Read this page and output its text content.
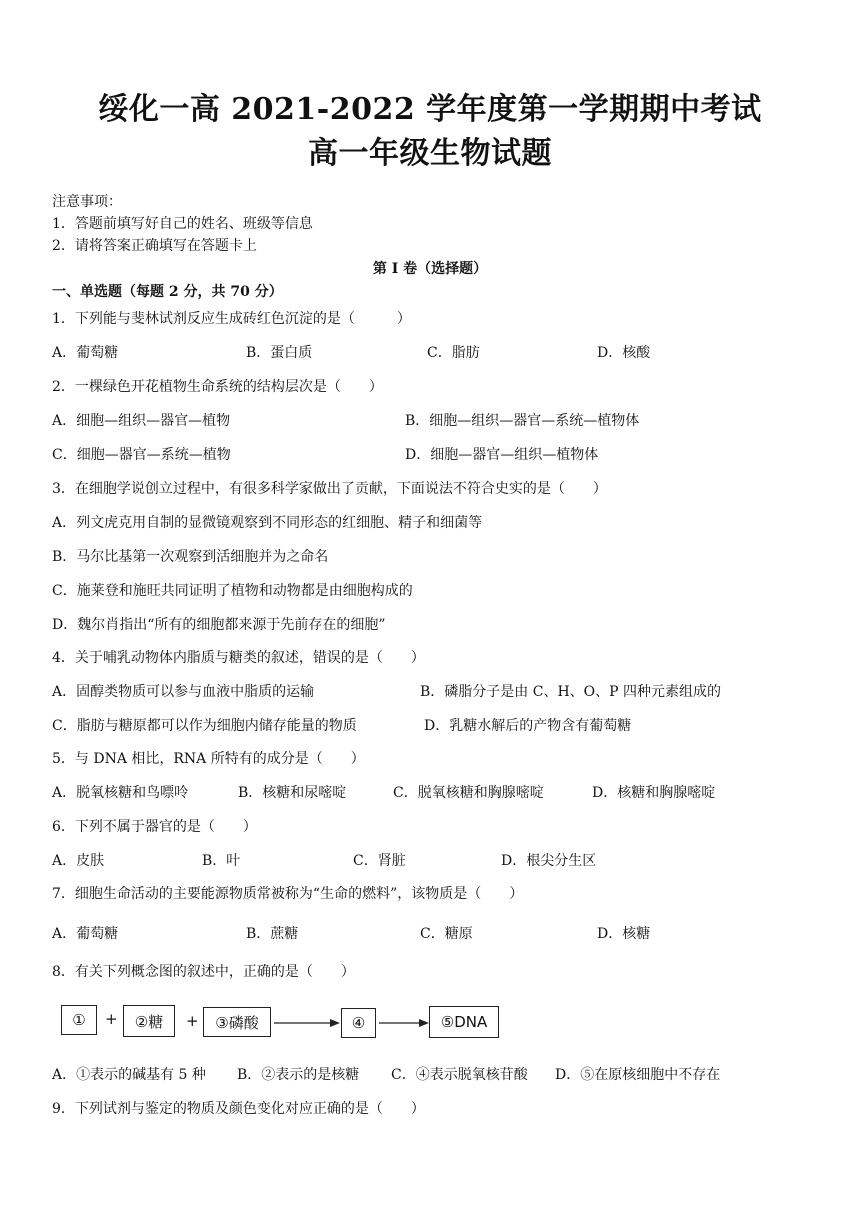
绥化一高 2021-2022 学年度第一学期期中考试
高一年级生物试题
注意事项：
1．答题前填写好自己的姓名、班级等信息
2．请将答案正确填写在答题卡上
第 I 卷（选择题）
一、单选题（每题 2 分，共 70 分）
1．下列能与斐林试剂反应生成砖红色沉淀的是（　　　）
A．葡萄糖	B．蛋白质	C．脂肪	D．核酸
2．一棵绿色开花植物生命系统的结构层次是（　　）
A．细胞—组织—器官—植物	B．细胞—组织—器官—系统—植物体
C．细胞—器官—系统—植物	D．细胞—器官—组织—植物体
3．在细胞学说创立过程中，有很多科学家做出了贡献，下面说法不符合史实的是（　　）
A．列文虎克用自制的显微镜观察到不同形态的红细胞、精子和细菌等
B．马尔比基第一次观察到活细胞并为之命名
C．施莱登和施旺共同证明了植物和动物都是由细胞构成的
D．魏尔肖指出“所有的细胞都来源于先前存在的细胞”
4．关于哺乳动物体内脂质与糖类的叙述，错误的是（　　）
A．固醇类物质可以参与血液中脂质的运输	B．磷脂分子是由 C、H、O、P 四种元素组成的
C．脂肪与糖原都可以作为细胞内储存能量的物质	D．乳糖水解后的产物含有葡萄糖
5．与 DNA 相比，RNA 所特有的成分是（　　）
A．脱氧核糖和鸟嘌呤	B．核糖和尿嘧啶	C．脱氧核糖和胸腺嘧啶	D．核糖和胸腺嘧啶
6．下列不属于器官的是（　　）
A．皮肤	B．叶	C．肾脏	D．根尖分生区
7．细胞生命活动的主要能源物质常被称为“生命的燃料”，该物质是（　　）
A．葡萄糖	B．蔗糖	C．糖原	D．核糖
8．有关下列概念图的叙述中，正确的是（　　）
①	+	②糖	+	③磷酸	④	⑤DNA
A．①表示的碱基有 5 种 B．②表示的是核糖 C．④表示脱氧核苷酸 D．⑤在原核细胞中不存在
9．下列试剂与鉴定的物质及颜色变化对应正确的是（　　）
